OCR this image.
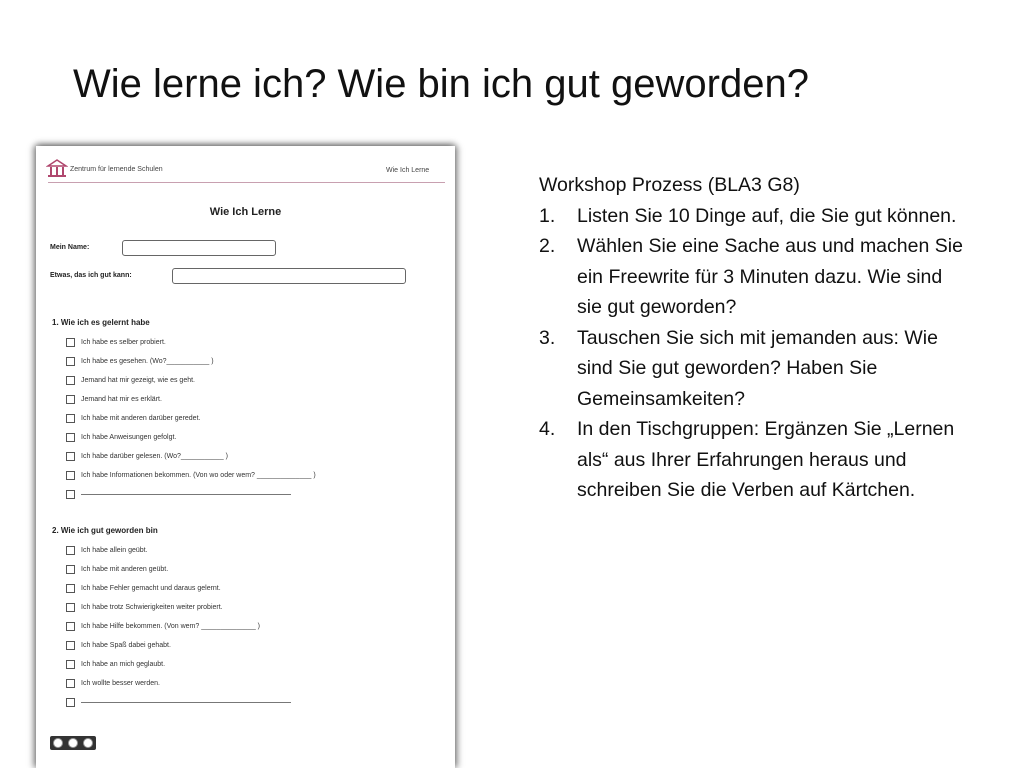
Wie lerne ich? Wie bin ich gut geworden?
Zentrum für lernende Schulen	Wie Ich Lerne
Wie Ich Lerne
Mein Name:
Etwas, das ich gut kann:
1. Wie ich es gelernt habe
Ich habe es selber probiert.
Ich habe es gesehen. (Wo?___________ )
Jemand hat mir gezeigt, wie es geht.
Jemand hat mir es erklärt.
Ich habe mit anderen darüber geredet.
Ich habe Anweisungen gefolgt.
Ich habe darüber gelesen. (Wo?___________ )
Ich habe Informationen bekommen. (Von wo oder wem? ______________ )
2. Wie ich gut geworden bin
Ich habe allein geübt.
Ich habe mit anderen geübt.
Ich habe Fehler gemacht und daraus gelernt.
Ich habe trotz Schwierigkeiten weiter probiert.
Ich habe Hilfe bekommen. (Von wem? ______________ )
Ich habe Spaß dabei gehabt.
Ich habe an mich geglaubt.
Ich wollte besser werden.
Workshop Prozess (BLA3 G8)
1.	Listen Sie 10 Dinge auf, die Sie gut können.
2.	Wählen Sie eine Sache aus und machen Sie ein Freewrite für 3 Minuten dazu. Wie sind sie gut geworden?
3.	Tauschen Sie sich mit jemanden aus: Wie sind Sie gut geworden? Haben Sie Gemeinsamkeiten?
4.	In den Tischgruppen: Ergänzen Sie „Lernen als“ aus Ihrer Erfahrungen heraus und schreiben Sie die Verben auf Kärtchen.
